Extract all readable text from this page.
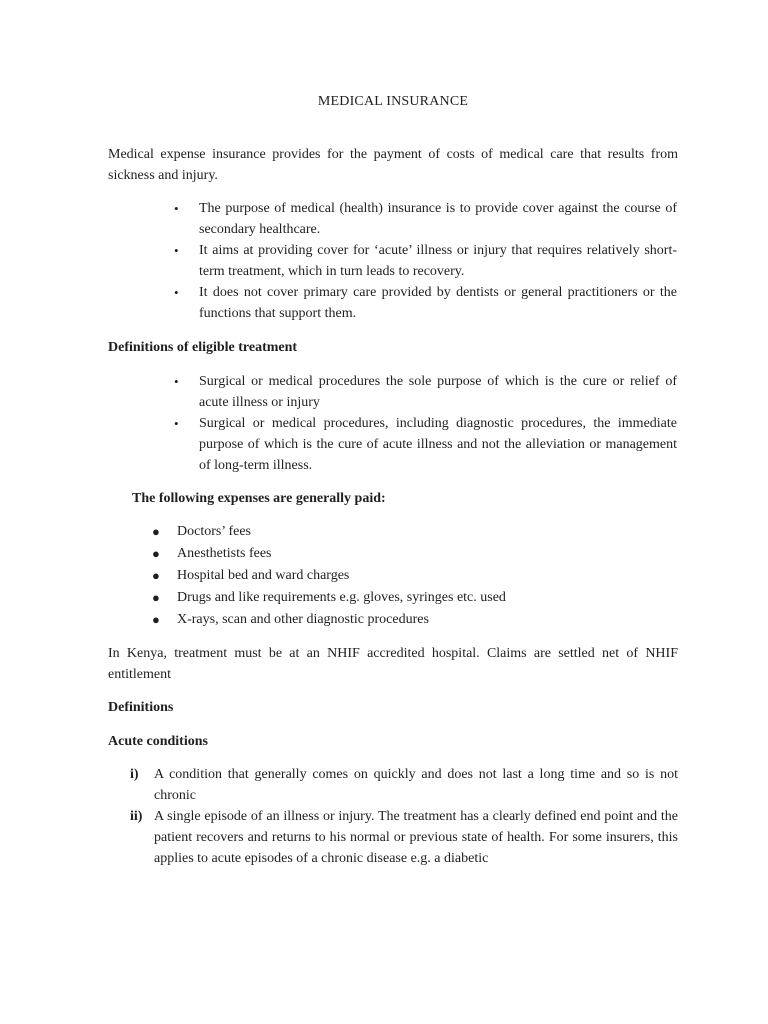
MEDICAL INSURANCE
Medical expense insurance provides for the payment of costs of medical care that results from sickness and injury.
• The purpose of medical (health) insurance is to provide cover against the course of secondary healthcare.
• It aims at providing cover for ‘acute’ illness or injury that requires relatively short-term treatment, which in turn leads to recovery.
• It does not cover primary care provided by dentists or general practitioners or the functions that support them.
Definitions of eligible treatment
• Surgical or medical procedures the sole purpose of which is the cure or relief of acute illness or injury
• Surgical or medical procedures, including diagnostic procedures, the immediate purpose of which is the cure of acute illness and not the alleviation or management of long-term illness.
The following expenses are generally paid:
● Doctors’ fees
● Anesthetists fees
● Hospital bed and ward charges
● Drugs and like requirements e.g. gloves, syringes etc. used
● X-rays, scan and other diagnostic procedures
In Kenya, treatment must be at an NHIF accredited hospital. Claims are settled net of NHIF entitlement
Definitions
Acute conditions
i) A condition that generally comes on quickly and does not last a long time and so is not chronic
ii) A single episode of an illness or injury. The treatment has a clearly defined end point and the patient recovers and returns to his normal or previous state of health. For some insurers, this applies to acute episodes of a chronic disease e.g. a diabetic
